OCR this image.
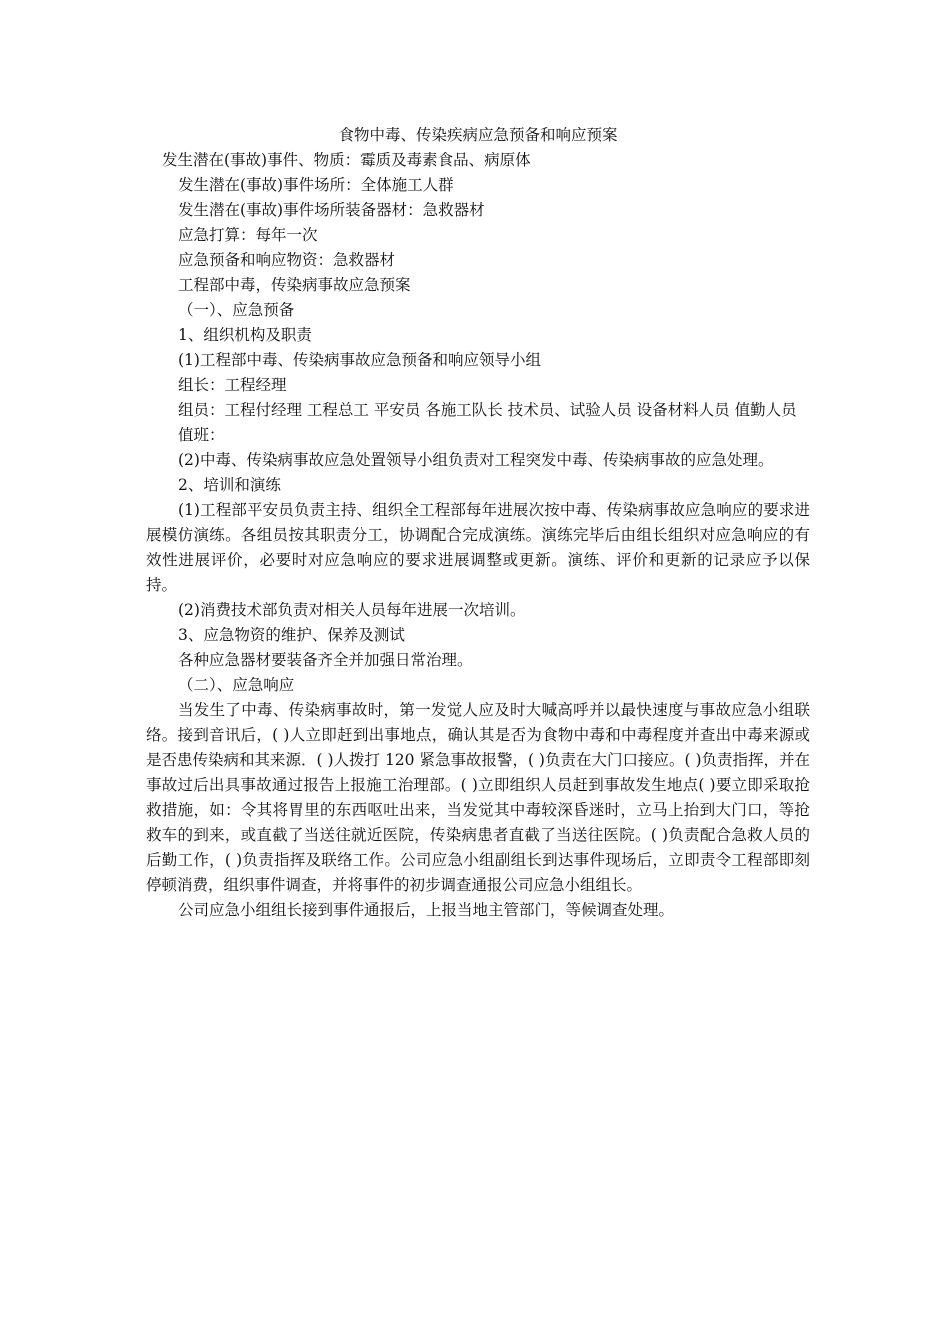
食物中毒、传染疾病应急预备和响应预案

发生潜在(事故)事件、物质：霉质及毒素食品、病原体

发生潜在(事故)事件场所：全体施工人群

发生潜在(事故)事件场所装备器材：急救器材

应急打算：每年一次

应急预备和响应物资：急救器材

工程部中毒，传染病事故应急预案

（一）、应急预备

1、组织机构及职责

(1)工程部中毒、传染病事故应急预备和响应领导小组

组长：工程经理

组员：工程付经理 工程总工 平安员 各施工队长 技术员、试验人员 设备材料人员 值勤人员

值班：

(2)中毒、传染病事故应急处置领导小组负责对工程突发中毒、传染病事故的应急处理。

2、培训和演练

(1)工程部平安员负责主持、组织全工程部每年进展次按中毒、传染病事故应急响应的要求进展模仿演练。各组员按其职责分工，协调配合完成演练。演练完毕后由组长组织对应急响应的有效性进展评价，必要时对应急响应的要求进展调整或更新。演练、评价和更新的记录应予以保持。

(2)消费技术部负责对相关人员每年进展一次培训。

3、应急物资的维护、保养及测试

各种应急器材要装备齐全并加强日常治理。

（二）、应急响应

当发生了中毒、传染病事故时，第一发觉人应及时大喊高呼并以最快速度与事故应急小组联络。接到音讯后，( )人立即赶到出事地点，确认其是否为食物中毒和中毒程度并查出中毒来源或是否患传染病和其来源．( )人拨打 120 紧急事故报警，( )负责在大门口接应。( )负责指挥，并在事故过后出具事故通过报告上报施工治理部。( )立即组织人员赶到事故发生地点( )要立即采取抢救措施，如：令其将胃里的东西呕吐出来，当发觉其中毒较深昏迷时，立马上抬到大门口，等抢救车的到来，或直截了当送往就近医院，传染病患者直截了当送往医院。( )负责配合急救人员的后勤工作，( )负责指挥及联络工作。公司应急小组副组长到达事件现场后，立即责令工程部即刻停顿消费，组织事件调查，并将事件的初步调查通报公司应急小组组长。

公司应急小组组长接到事件通报后，上报当地主管部门，等候调查处理。
